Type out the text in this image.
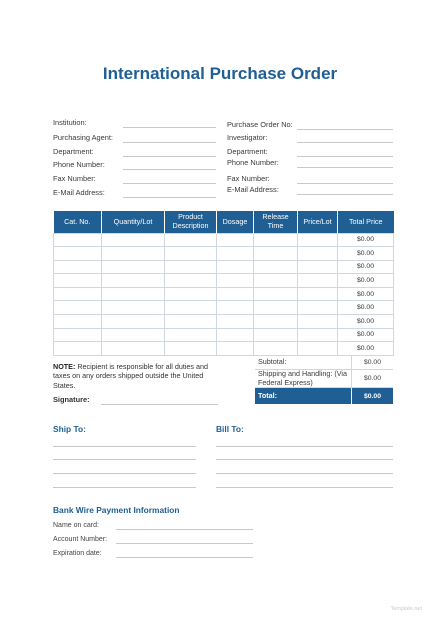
International Purchase Order
Institution:
Purchasing Agent:
Department:
Phone Number:
Fax Number:
E-Mail Address:
Purchase Order No:
Investigator:
Department:
Phone Number:
Fax Number:
E-Mail Address:
Cat. No.	Quantity/Lot	Product Description	Dosage	Release Time	Price/Lot	Total Price
						$0.00
						$0.00
						$0.00
						$0.00
						$0.00
						$0.00
						$0.00
						$0.00
						$0.00
NOTE: Recipient is responsible for all duties and taxes on any orders shipped outside the United States.
Signature:
Subtotal:	$0.00
Shipping and Handling: (Via Federal Express)	$0.00
Total:	$0.00
Ship To:	Bill To:
Bank Wire Payment Information
Name on card:
Account Number:
Expiration date:
Template.net
